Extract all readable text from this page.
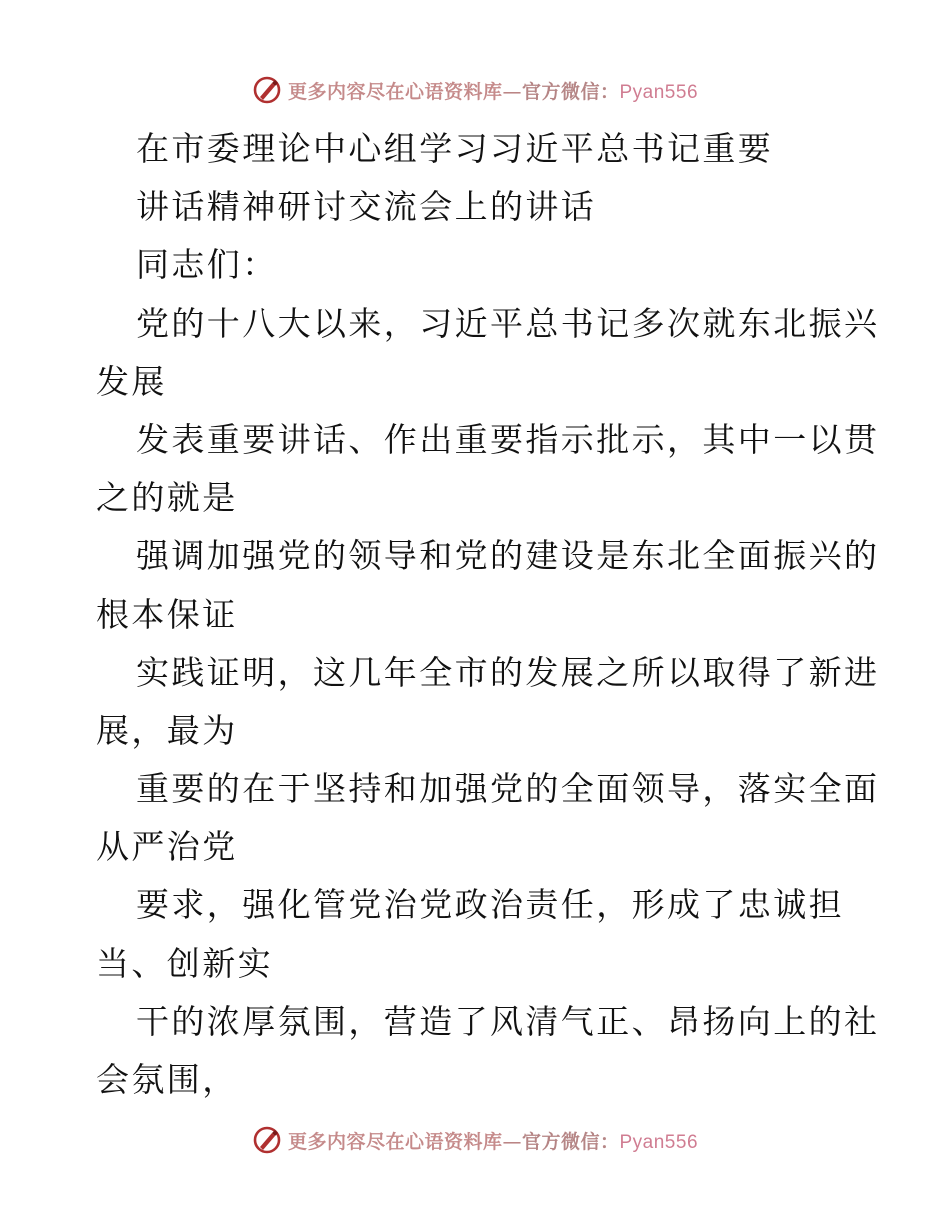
更多内容尽在心语资料库—官方微信：Pyan556
在市委理论中心组学习习近平总书记重要
讲话精神研讨交流会上的讲话
同志们：
党的十八大以来，习近平总书记多次就东北振兴
发展
发表重要讲话、作出重要指示批示，其中一以贯
之的就是
强调加强党的领导和党的建设是东北全面振兴的
根本保证
实践证明，这几年全市的发展之所以取得了新进
展，最为
重要的在于坚持和加强党的全面领导，落实全面
从严治党
要求，强化管党治党政治责任，形成了忠诚担
当、创新实
干的浓厚氛围，营造了风清气正、昂扬向上的社
会氛围，
更多内容尽在心语资料库—官方微信：Pyan556
